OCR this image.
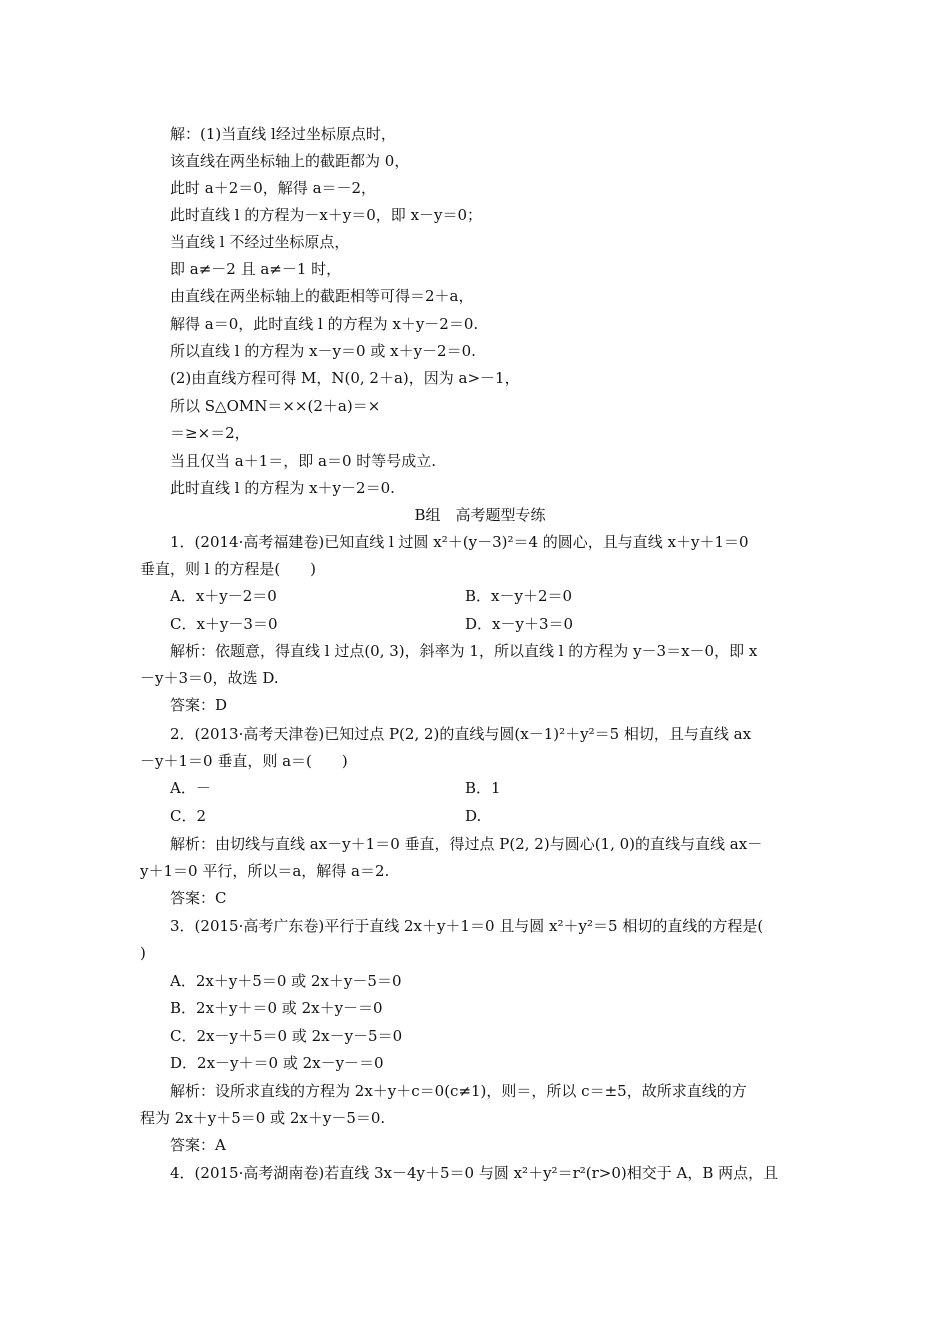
解：(1)当直线 l经过坐标原点时，
该直线在两坐标轴上的截距都为 0，
此时 a＋2＝0，解得 a＝－2，
此时直线 l 的方程为－x＋y＝0，即 x－y＝0；
当直线 l 不经过坐标原点，
即 a≠－2 且 a≠－1 时，
由直线在两坐标轴上的截距相等可得＝2＋a，
解得 a＝0，此时直线 l 的方程为 x＋y－2＝0.
所以直线 l 的方程为 x－y＝0 或 x＋y－2＝0.
(2)由直线方程可得 M，N(0, 2＋a)，因为 a>－1，
所以 S△OMN＝××(2＋a)＝×
＝≥×＝2，
当且仅当 a＋1＝，即 a＝0 时等号成立.
此时直线 l 的方程为 x＋y－2＝0.
B组　高考题型专练
1．(2014·高考福建卷)已知直线 l 过圆 x²＋(y－3)²＝4 的圆心，且与直线 x＋y＋1＝0
垂直，则 l 的方程是(　　)
A．x＋y－2＝0	B．x－y＋2＝0
C．x＋y－3＝0	D．x－y＋3＝0
解析：依题意，得直线 l 过点(0, 3)，斜率为 1，所以直线 l 的方程为 y－3＝x－0，即 x
－y＋3＝0，故选 D.
答案：D
2．(2013·高考天津卷)已知过点 P(2, 2)的直线与圆(x－1)²＋y²＝5 相切，且与直线 ax
－y＋1＝0 垂直，则 a＝(　　)
A．－	B．1
C．2	D.
解析：由切线与直线 ax－y＋1＝0 垂直，得过点 P(2, 2)与圆心(1, 0)的直线与直线 ax－
y＋1＝0 平行，所以＝a，解得 a＝2.
答案：C
3．(2015·高考广东卷)平行于直线 2x＋y＋1＝0 且与圆 x²＋y²＝5 相切的直线的方程是(
)
A．2x＋y＋5＝0 或 2x＋y－5＝0
B．2x＋y＋＝0 或 2x＋y－＝0
C．2x－y＋5＝0 或 2x－y－5＝0
D．2x－y＋＝0 或 2x－y－＝0
解析：设所求直线的方程为 2x＋y＋c＝0(c≠1)，则＝，所以 c＝±5，故所求直线的方
程为 2x＋y＋5＝0 或 2x＋y－5＝0.
答案：A
4．(2015·高考湖南卷)若直线 3x－4y＋5＝0 与圆 x²＋y²＝r²(r>0)相交于 A，B 两点，且
